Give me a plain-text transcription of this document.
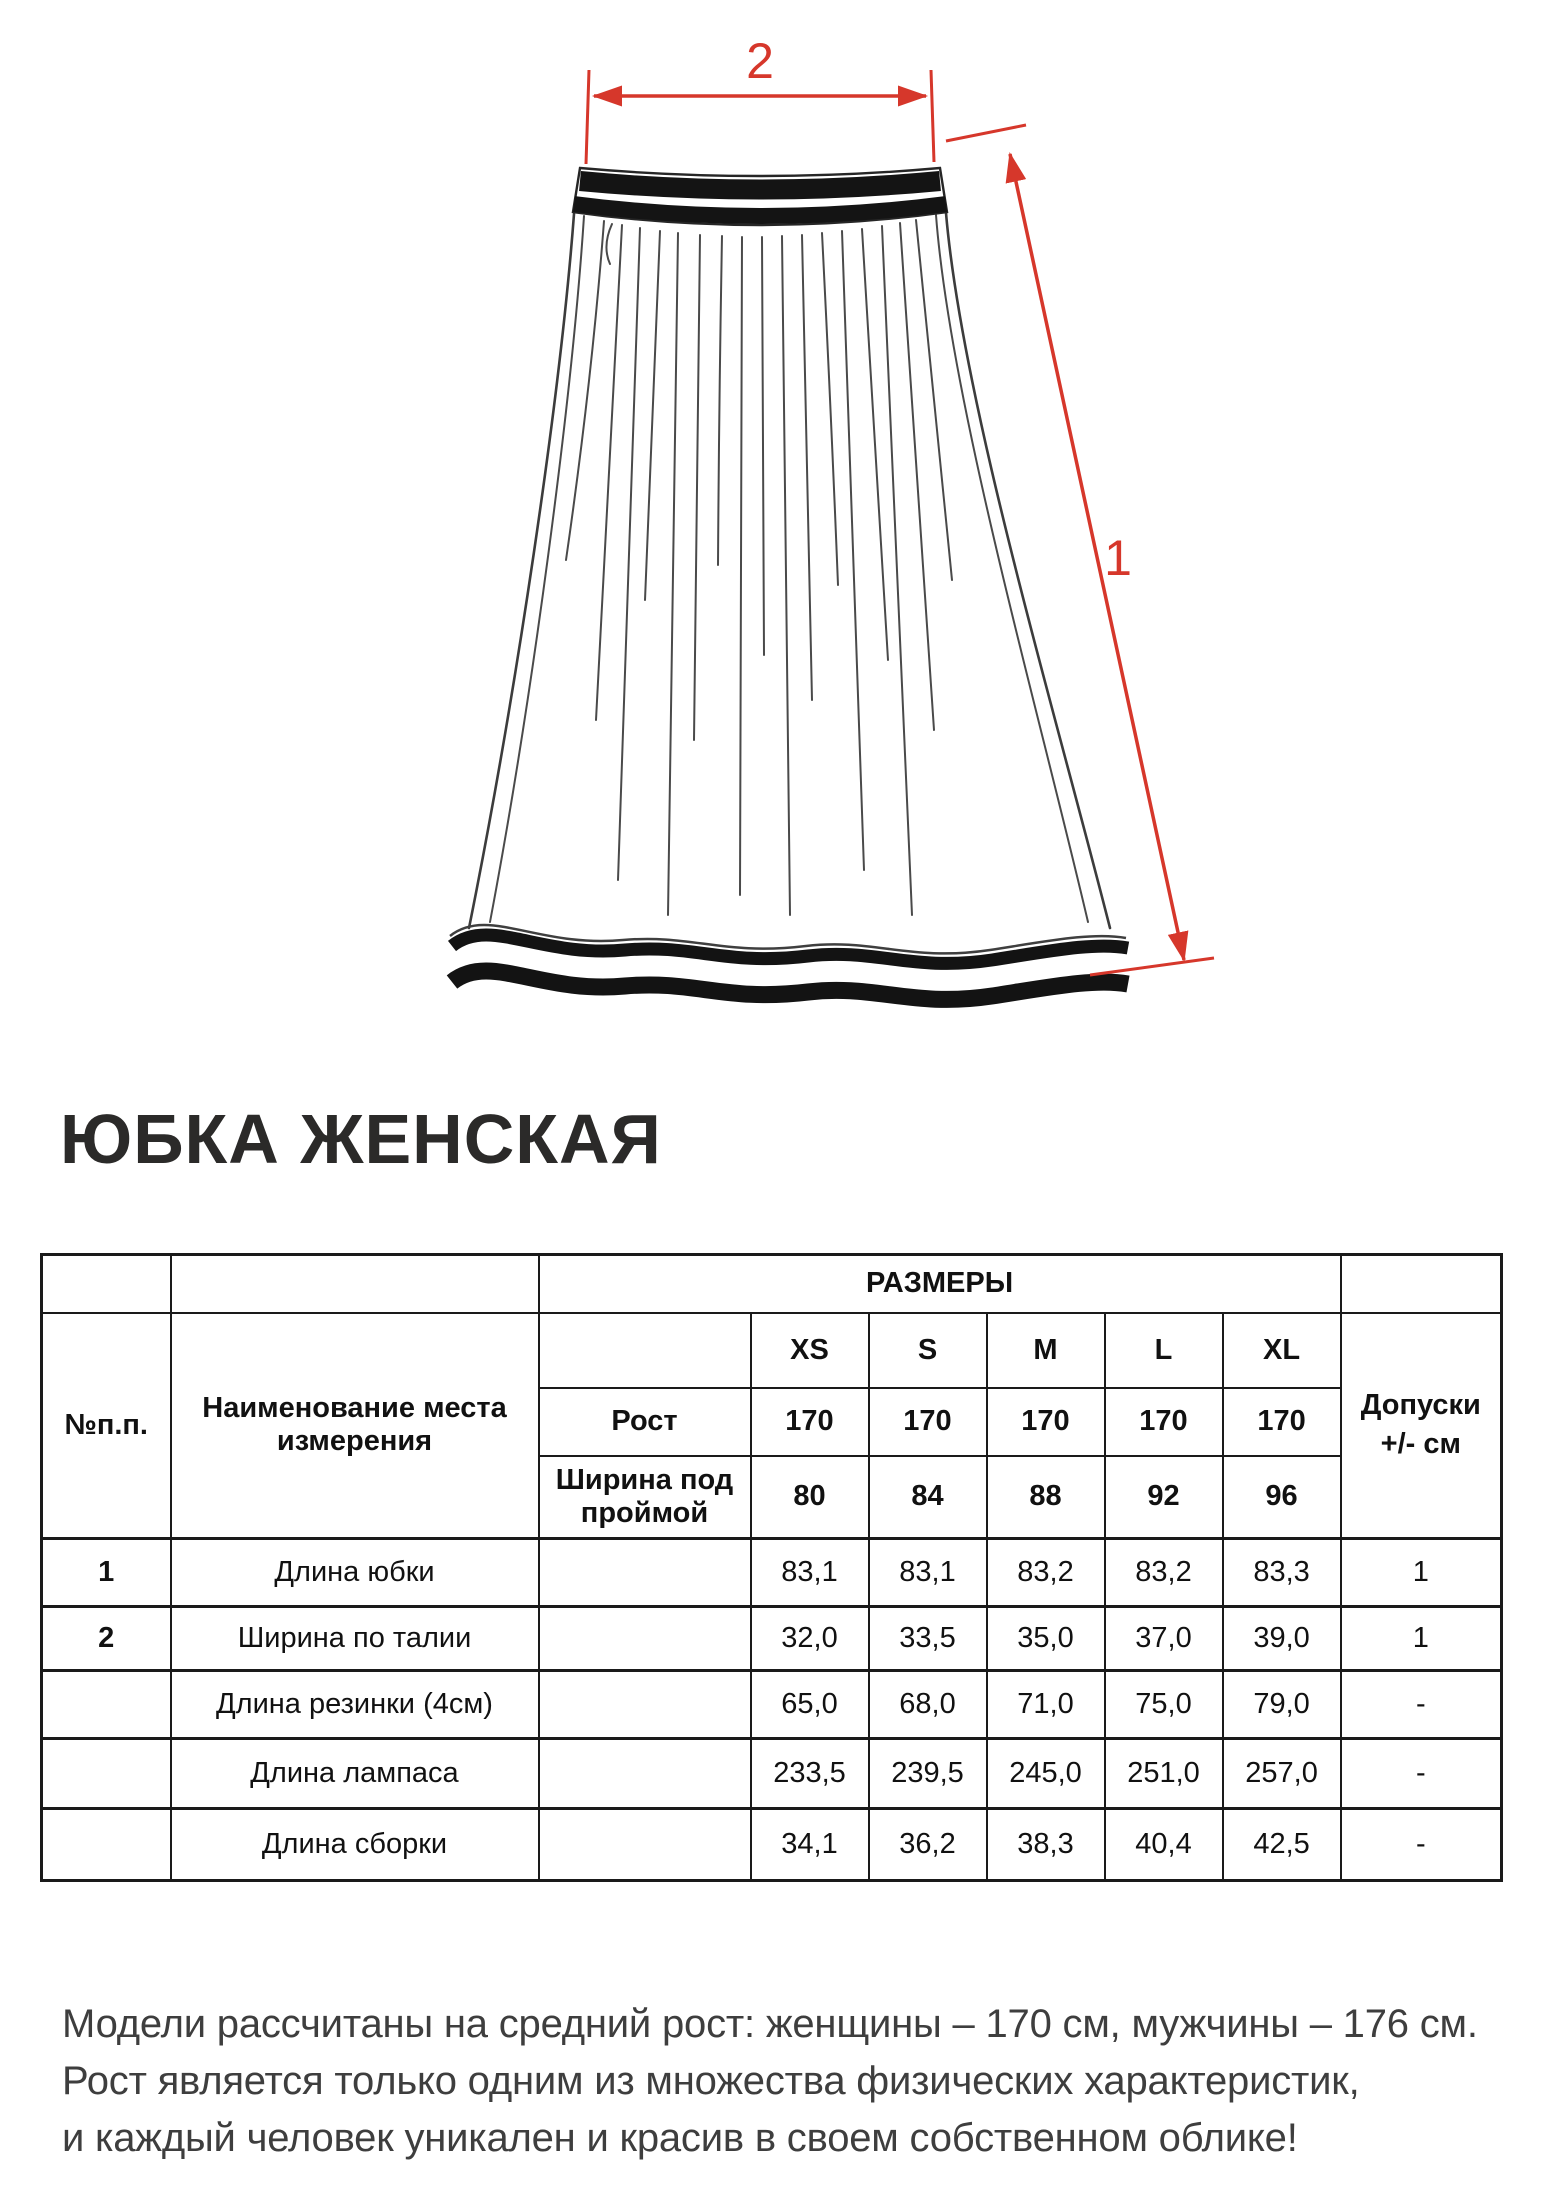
2
1
ЮБКА ЖЕНСКАЯ
		РАЗМЕРЫ						
№п.п.	Наименование места измерения		XS	S	M	L	XL	Допуски +/- см
		Рост	170	170	170	170	170	
		Ширина под проймой	80	84	88	92	96	
1	Длина юбки		83,1	83,1	83,2	83,2	83,3	1
2	Ширина по талии		32,0	33,5	35,0	37,0	39,0	1
	Длина резинки (4см)		65,0	68,0	71,0	75,0	79,0	-
	Длина лампаса		233,5	239,5	245,0	251,0	257,0	-
	Длина сборки		34,1	36,2	38,3	40,4	42,5	-
Модели рассчитаны на средний рост: женщины – 170 см, мужчины – 176 см.
Рост является только одним из множества физических характеристик,
и каждый человек уникален и красив в своем собственном облике!
